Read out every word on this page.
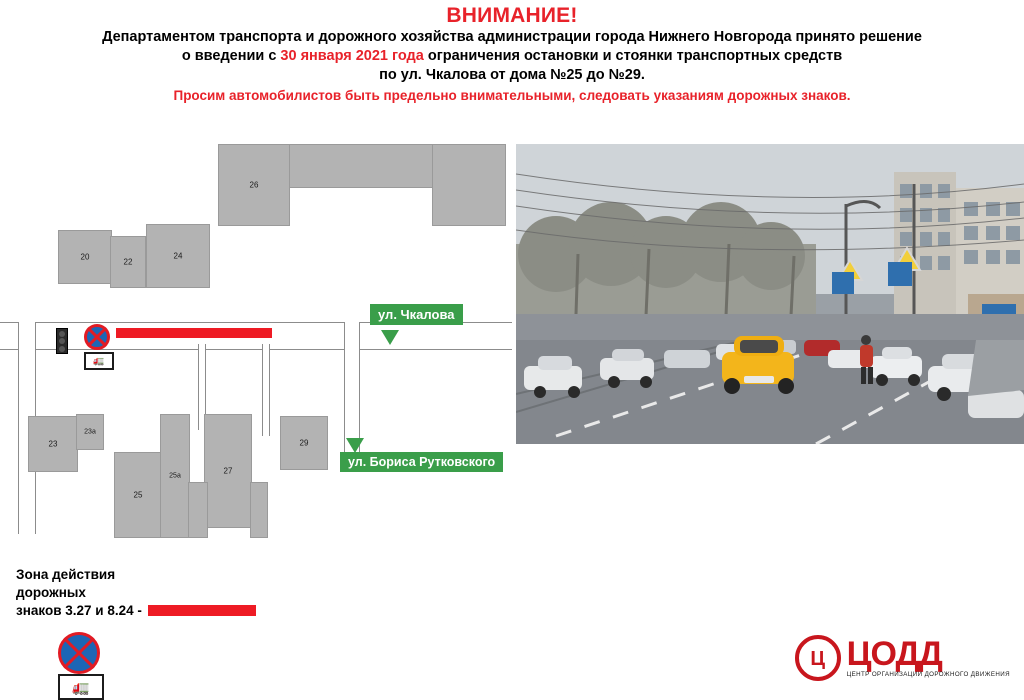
ВНИМАНИЕ!
Департаментом транспорта и дорожного хозяйства администрации города Нижнего Новгорода принято решение
о введении с 30 января 2021 года ограничения остановки и стоянки транспортных средств
по ул. Чкалова от дома №25 до №29.
Просим автомобилистов быть предельно внимательными, следовать указаниям дорожных знаков.
26
20
22
24
🚛
ул. Чкалова
ул. Бориса Рутковского
23
23а
25
25а
27
29
Зона действия
дорожных
знаков 3.27 и 8.24 -
🚛
Ц ЦОДД
ЦЕНТР ОРГАНИЗАЦИИ ДОРОЖНОГО ДВИЖЕНИЯ
